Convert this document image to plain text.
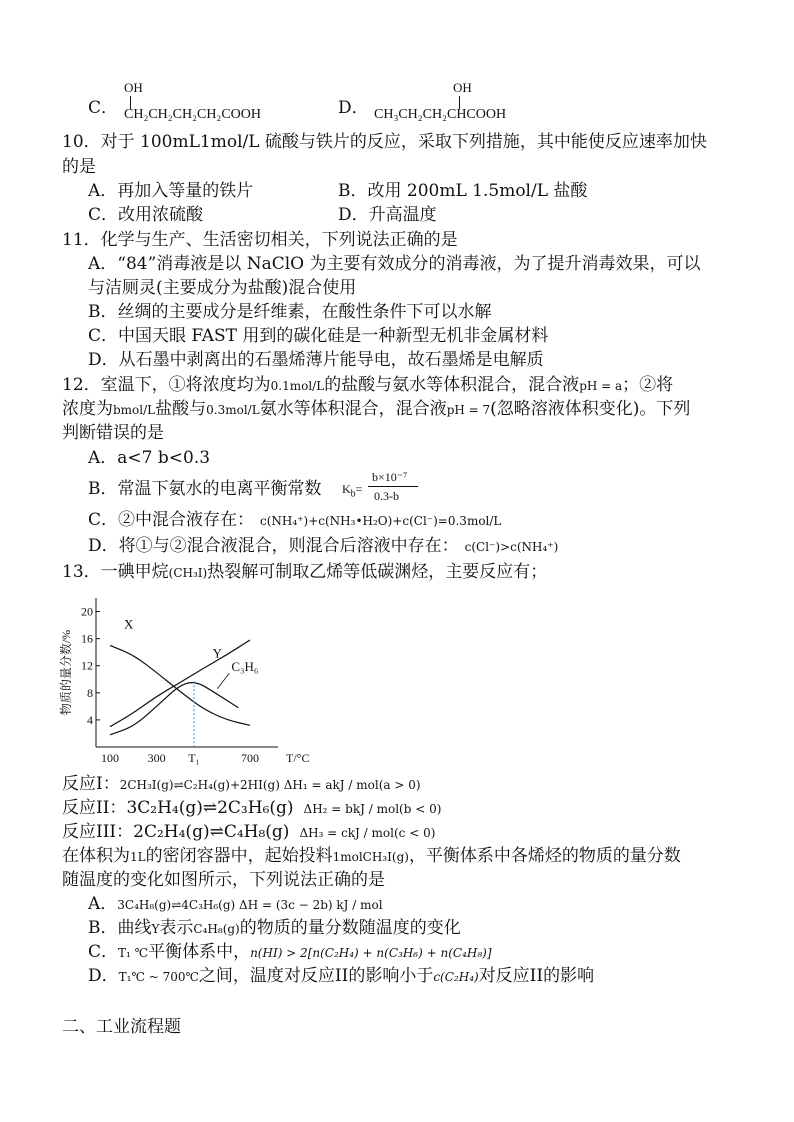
C．
OH
CH₂CH₂CH₂CH₂COOH	D．
OH
CH₃CH₂CH₂CHCOOH
10．对于 100mL1mol/L 硫酸与铁片的反应，采取下列措施，其中能使反应速率加快
的是
A．再加入等量的铁片	B．改用 200mL 1.5mol/L 盐酸
C．改用浓硫酸	D．升高温度
11．化学与生产、生活密切相关，下列说法正确的是
A．“84”消毒液是以 NaClO 为主要有效成分的消毒液，为了提升消毒效果，可以
与洁厕灵(主要成分为盐酸)混合使用
B．丝绸的主要成分是纤维素，在酸性条件下可以水解
C．中国天眼 FAST 用到的碳化硅是一种新型无机非金属材料
D．从石墨中剥离出的石墨烯薄片能导电，故石墨烯是电解质
12．室温下，①将浓度均为0.1mol/L的盐酸与氨水等体积混合，混合液pH = a；②将
浓度为bmol/L盐酸与0.3mol/L氨水等体积混合，混合液pH = 7(忽略溶液体积变化)。下列
判断错误的是
A．a<7 b<0.3
B．常温下氨水的电离平衡常数 $K_b=$
b×10⁻⁷
0.3-b
C．②中混合液存在： c(NH₄⁺)+c(NH₃•H₂O)+c(Cl⁻)=0.3mol/L
D．将①与②混合液混合，则混合后溶液中存在： c(Cl⁻)>c(NH₄⁺)
13．一碘甲烷(CH₃I)热裂解可制取乙烯等低碳渊烃，主要反应有；
20
16
12
8
4
100 300 T₁	700 T/°C
物质的量分数/%
X
Y
C₃H₆
反应I：2CH₃I(g)⇌C₂H₄(g)+2HI(g) ΔH₁ = akJ / mol(a > 0)
反应II：3C₂H₄(g)⇌2C₃H₆(g) ΔH₂ = bkJ / mol(b < 0)
反应III：2C₂H₄(g)⇌C₄H₈(g) ΔH₃ = ckJ / mol(c < 0)
在体积为1L的密闭容器中，起始投料1molCH₃I(g)，平衡体系中各烯烃的物质的量分数
随温度的变化如图所示，下列说法正确的是
A．3C₄H₈(g)⇌4C₃H₆(g) ΔH = (3c − 2b) kJ / mol
B．曲线Y表示C₄H₈(g)的物质的量分数随温度的变化
C．T₁ ℃平衡体系中，n(HI) > 2[n(C₂H₄) + n(C₃H₆) + n(C₄H₈)]
D．T₁℃ ~ 700℃之间，温度对反应II的影响小于c(C₂H₄)对反应II的影响
二、工业流程题
